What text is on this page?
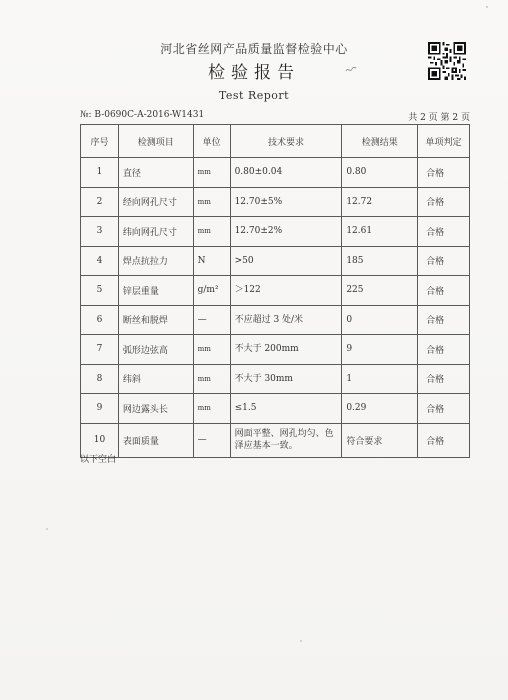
河北省丝网产品质量监督检验中心
检验报告
Test Report
№: B-0690C-A-2016-W1431	共 2 页 第 2 页
序号	检测项目	单位	技术要求	检测结果	单项判定
1	直径	mm	0.80±0.04	0.80	合格
2	经向网孔尺寸	mm	12.70±5%	12.72	合格
3	纬向网孔尺寸	mm	12.70±2%	12.61	合格
4	焊点抗拉力	N	>50	185	合格
5	锌层重量	g/m²	＞122	225	合格
6	断丝和脱焊	—	不应超过 3 处/米	0	合格
7	弧形边弦高	mm	不大于 200mm	9	合格
8	纬斜	mm	不大于 30mm	1	合格
9	网边露头长	mm	≤1.5	0.29	合格
10	表面质量	—	网面平整、网孔均匀、色泽应基本一致。	符合要求	合格
以下空白
